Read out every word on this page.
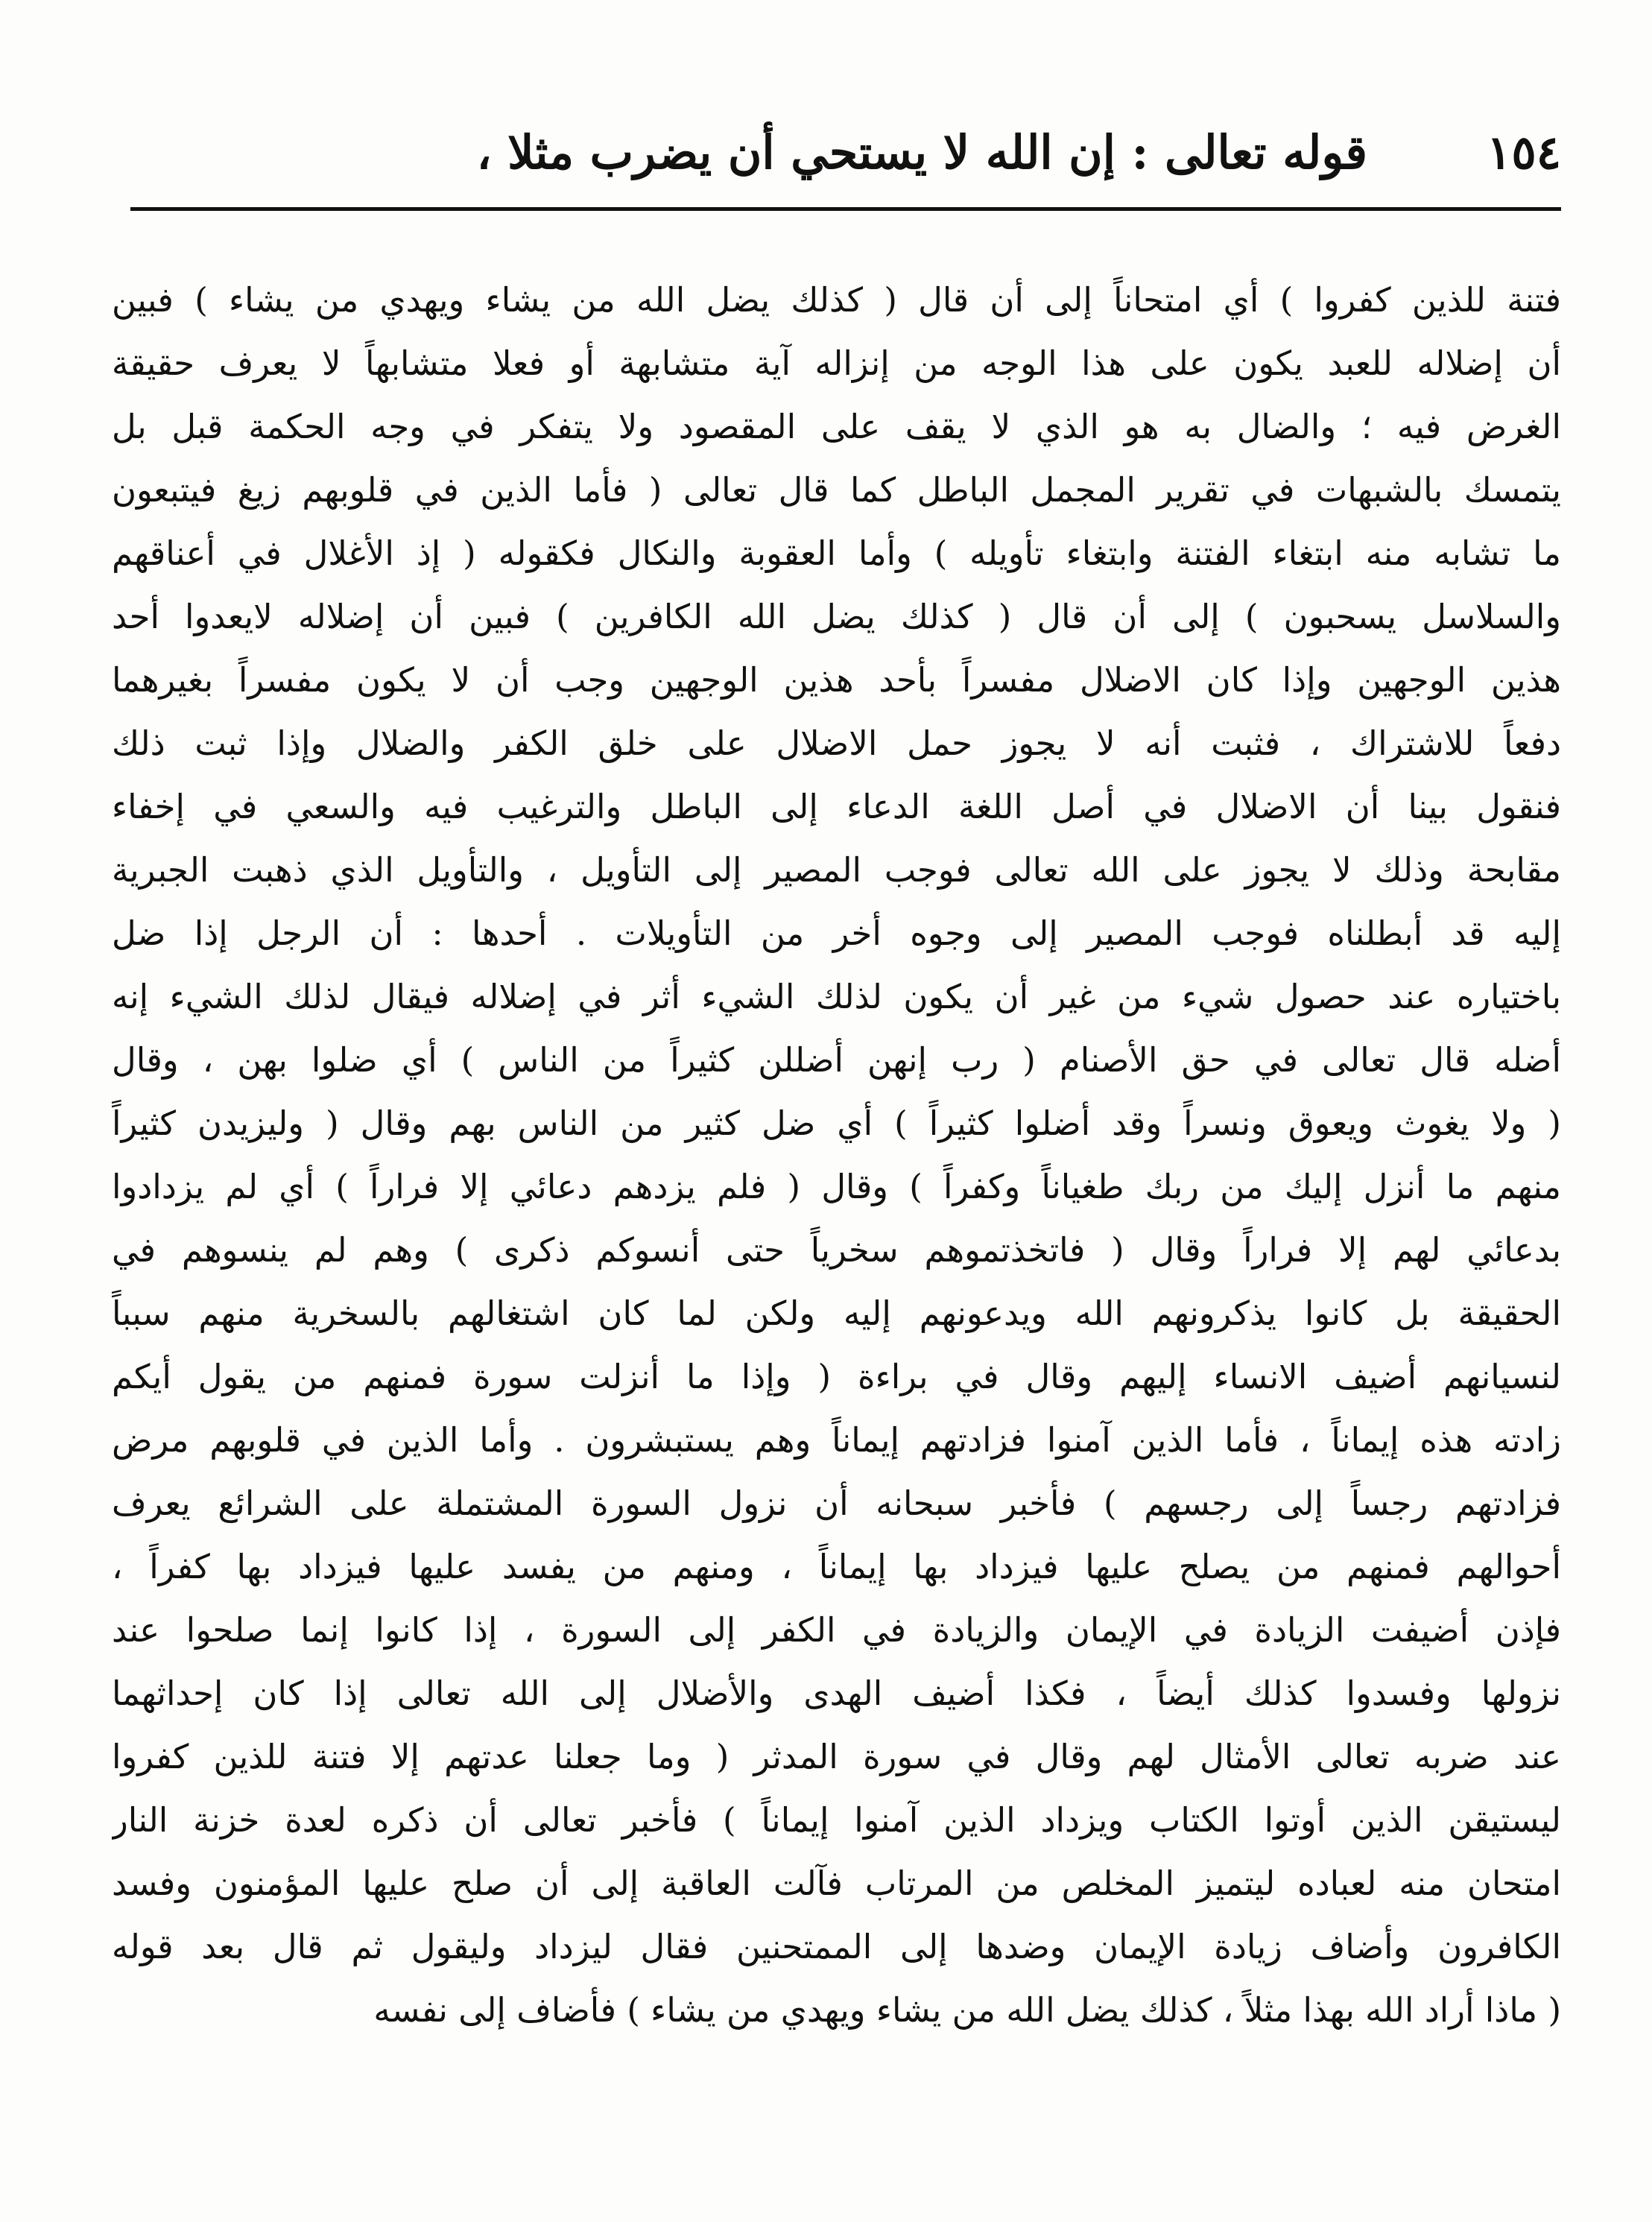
١٥٤
قوله تعالى : إن الله لا يستحي أن يضرب مثلا ،
فتنة للذين كفروا ) أي امتحاناً إلى أن قال ( كذلك يضل الله من يشاء ويهدي من يشاء ) فبين
أن إضلاله للعبد يكون على هذا الوجه من إنزاله آية متشابهة أو فعلا متشابهاً لا يعرف حقيقة
الغرض فيه ؛ والضال به هو الذي لا يقف على المقصود ولا يتفكر في وجه الحكمة قبل بل
يتمسك بالشبهات في تقرير المجمل الباطل كما قال تعالى ( فأما الذين في قلوبهم زيغ فيتبعون
ما تشابه منه ابتغاء الفتنة وابتغاء تأويله ) وأما العقوبة والنكال فكقوله ( إذ الأغلال في أعناقهم
والسلاسل يسحبون ) إلى أن قال ( كذلك يضل الله الكافرين ) فبين أن إضلاله لايعدوا أحد
هذين الوجهين وإذا كان الاضلال مفسراً بأحد هذين الوجهين وجب أن لا يكون مفسراً بغيرهما
دفعاً للاشتراك ، فثبت أنه لا يجوز حمل الاضلال على خلق الكفر والضلال وإذا ثبت ذلك
فنقول بينا أن الاضلال في أصل اللغة الدعاء إلى الباطل والترغيب فيه والسعي في إخفاء
مقابحة وذلك لا يجوز على الله تعالى فوجب المصير إلى التأويل ، والتأويل الذي ذهبت الجبرية
إليه قد أبطلناه فوجب المصير إلى وجوه أخر من التأويلات . أحدها : أن الرجل إذا ضل
باختياره عند حصول شيء من غير أن يكون لذلك الشيء أثر في إضلاله فيقال لذلك الشيء إنه
أضله قال تعالى في حق الأصنام ( رب إنهن أضللن كثيراً من الناس ) أي ضلوا بهن ، وقال
( ولا يغوث ويعوق ونسراً وقد أضلوا كثيراً ) أي ضل كثير من الناس بهم وقال ( وليزيدن كثيراً
منهم ما أنزل إليك من ربك طغياناً وكفراً ) وقال ( فلم يزدهم دعائي إلا فراراً ) أي لم يزدادوا
بدعائي لهم إلا فراراً وقال ( فاتخذتموهم سخرياً حتى أنسوكم ذكرى ) وهم لم ينسوهم في
الحقيقة بل كانوا يذكرونهم الله ويدعونهم إليه ولكن لما كان اشتغالهم بالسخرية منهم سبباً
لنسيانهم أضيف الانساء إليهم وقال في براءة ( وإذا ما أنزلت سورة فمنهم من يقول أيكم
زادته هذه إيماناً ، فأما الذين آمنوا فزادتهم إيماناً وهم يستبشرون . وأما الذين في قلوبهم مرض
فزادتهم رجساً إلى رجسهم ) فأخبر سبحانه أن نزول السورة المشتملة على الشرائع يعرف
أحوالهم فمنهم من يصلح عليها فيزداد بها إيماناً ، ومنهم من يفسد عليها فيزداد بها كفراً ،
فإذن أضيفت الزيادة في الإيمان والزيادة في الكفر إلى السورة ، إذا كانوا إنما صلحوا عند
نزولها وفسدوا كذلك أيضاً ، فكذا أضيف الهدى والأضلال إلى الله تعالى إذا كان إحداثهما
عند ضربه تعالى الأمثال لهم وقال في سورة المدثر ( وما جعلنا عدتهم إلا فتنة للذين كفروا
ليستيقن الذين أوتوا الكتاب ويزداد الذين آمنوا إيماناً ) فأخبر تعالى أن ذكره لعدة خزنة النار
امتحان منه لعباده ليتميز المخلص من المرتاب فآلت العاقبة إلى أن صلح عليها المؤمنون وفسد
الكافرون وأضاف زيادة الإيمان وضدها إلى الممتحنين فقال ليزداد وليقول ثم قال بعد قوله
( ماذا أراد الله بهذا مثلاً ، كذلك يضل الله من يشاء ويهدي من يشاء ) فأضاف إلى نفسه
